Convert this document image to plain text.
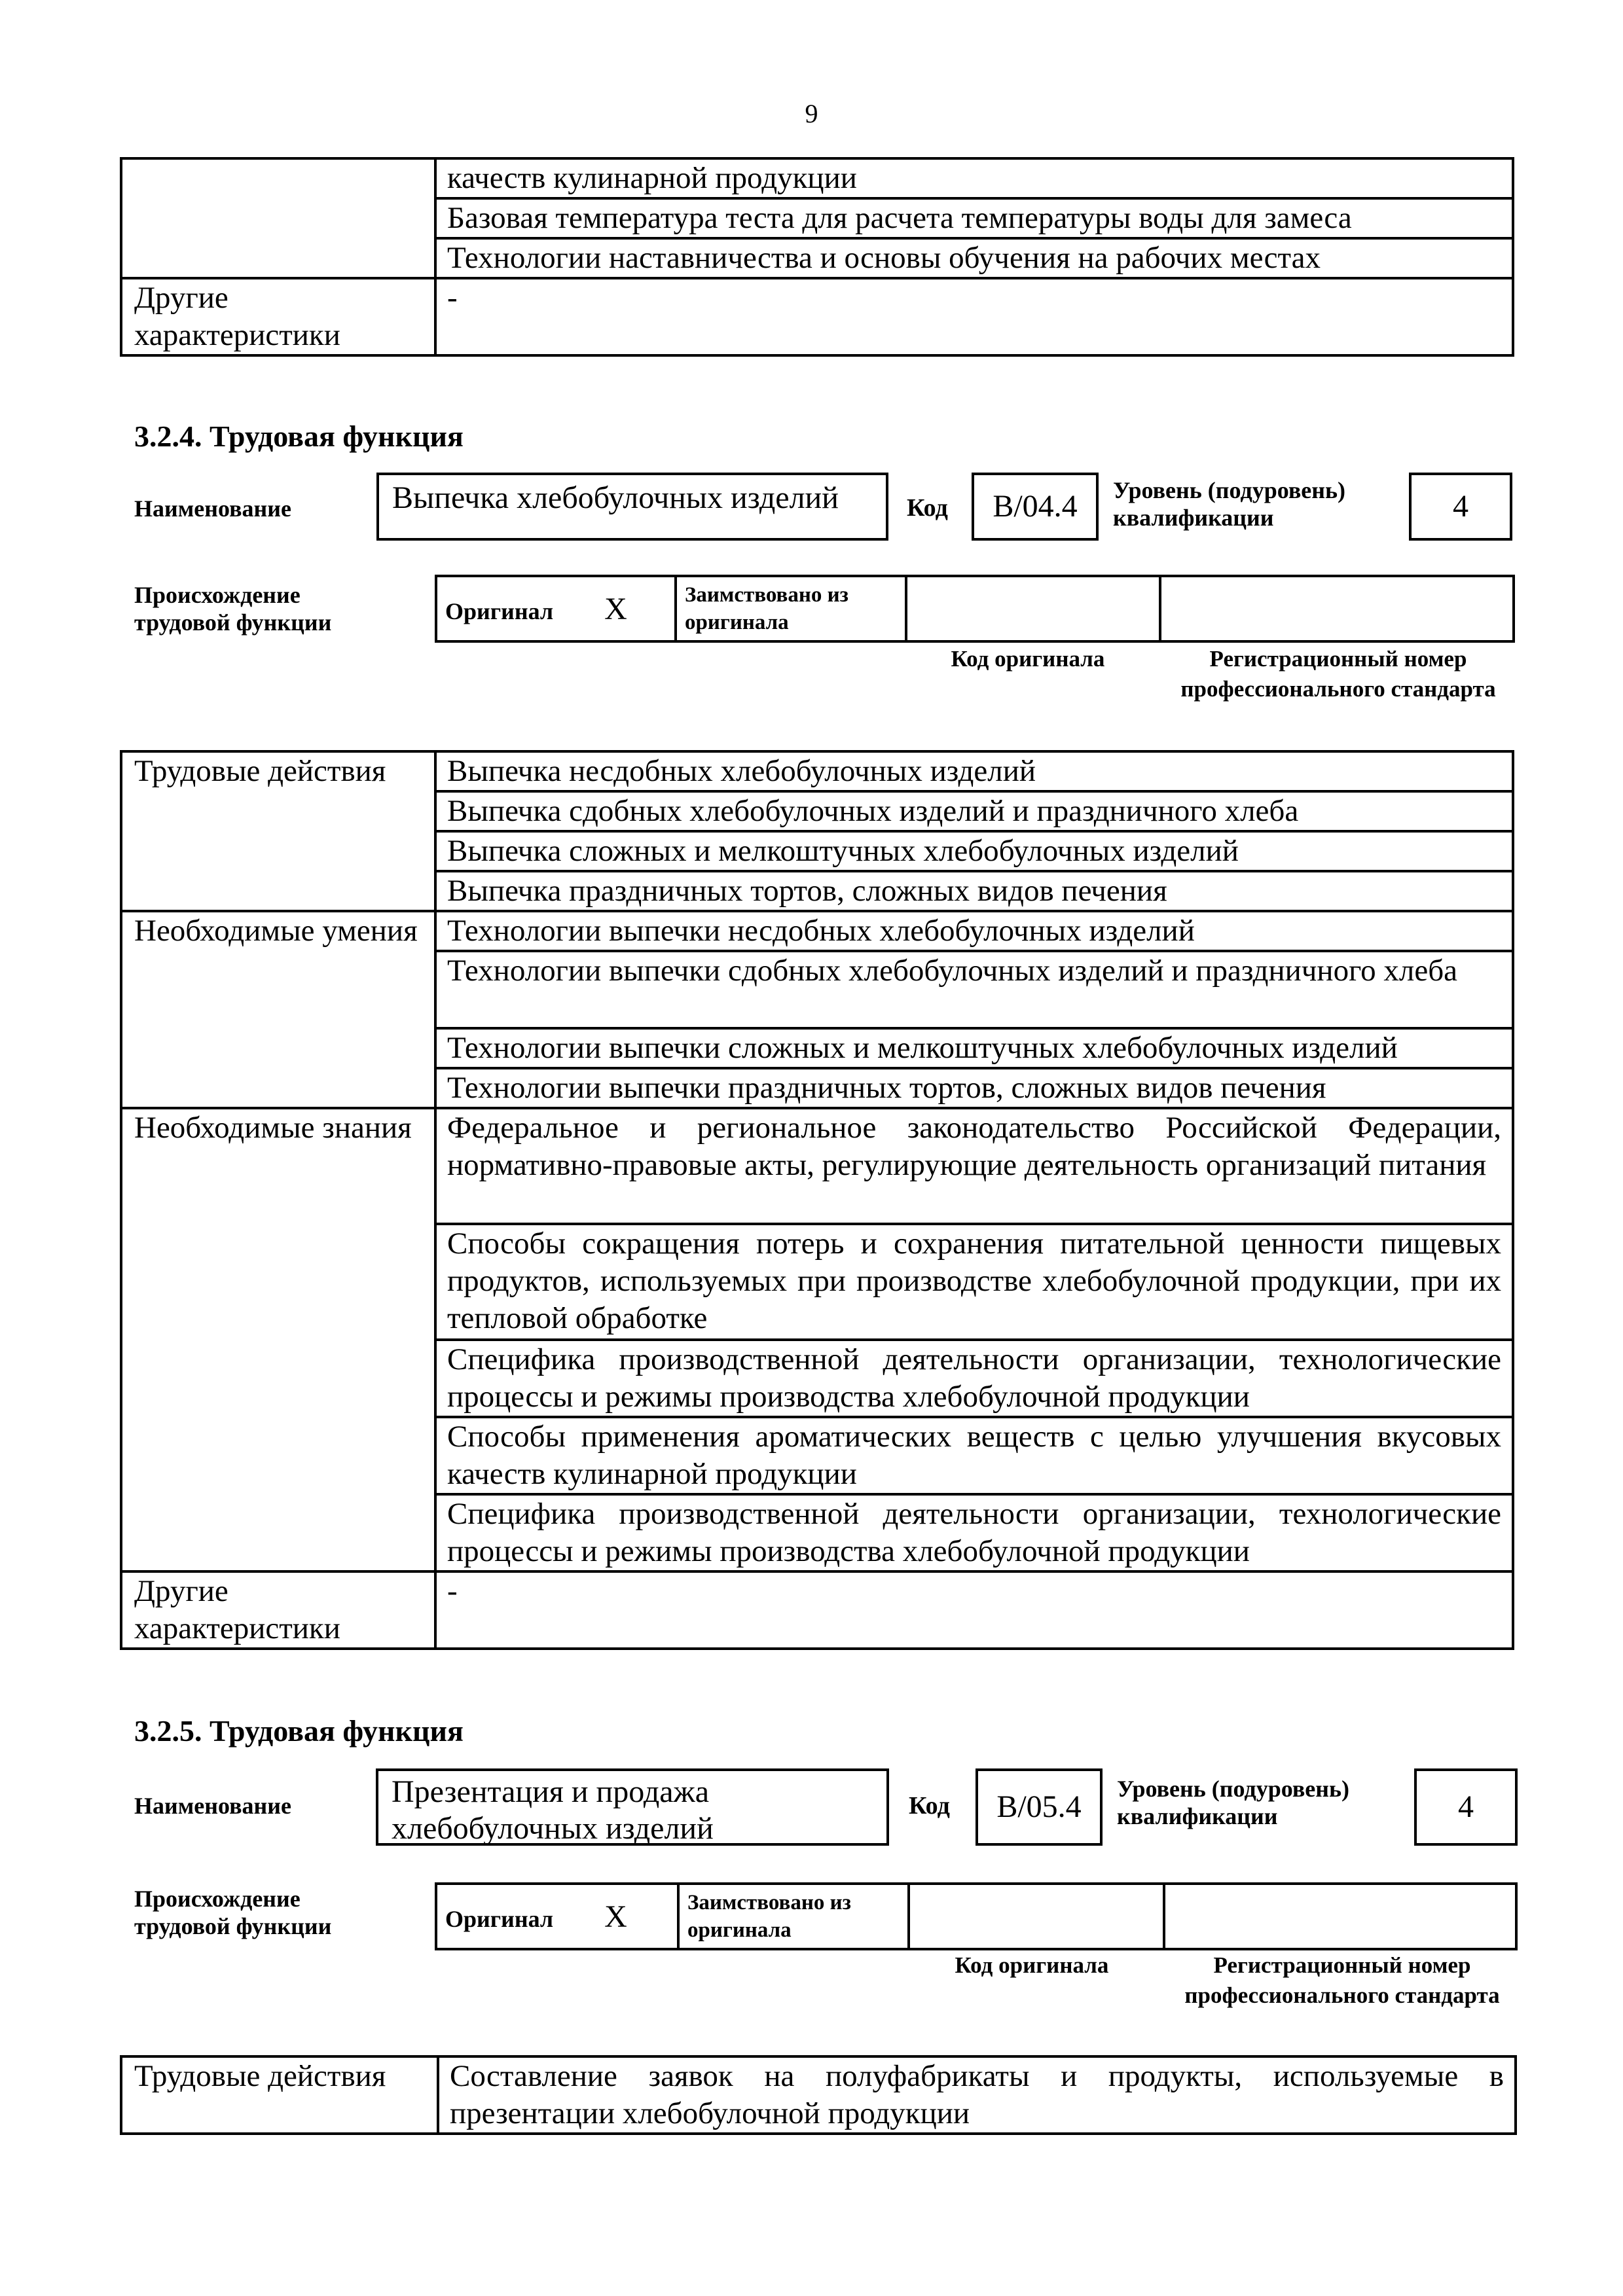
9
	качеств кулинарной продукции
	Базовая температура теста для расчета температуры воды для замеса
	Технологии наставничества и основы обучения на рабочих местах
Другие характеристики	-
3.2.4. Трудовая функция
Наименование	Выпечка хлебобулочных изделий	Код B/04.4 Уровень (подуровень) квалификации	4
Происхождение трудовой функции	Оригинал X	Заимствовано из оригинала		
Код оригинала	Регистрационный номер профессионального стандарта
Трудовые действия	Выпечка несдобных хлебобулочных изделий
	Выпечка сдобных хлебобулочных изделий и праздничного хлеба
	Выпечка сложных и мелкоштучных хлебобулочных изделий
	Выпечка праздничных тортов, сложных видов печения
Необходимые умения	Технологии выпечки несдобных хлебобулочных изделий
	Технологии выпечки сдобных хлебобулочных изделий и праздничного хлеба
	Технологии выпечки сложных и мелкоштучных хлебобулочных изделий
	Технологии выпечки праздничных тортов, сложных видов печения
Необходимые знания	Федеральное и региональное законодательство Российской Федерации, нормативно-правовые акты, регулирующие деятельность организаций питания
	Способы сокращения потерь и сохранения питательной ценности пищевых продуктов, используемых при производстве хлебобулочной продукции, при их тепловой обработке
	Специфика производственной деятельности организации, технологические процессы и режимы производства хлебобулочной продукции
	Способы применения ароматических веществ с целью улучшения вкусовых качеств кулинарной продукции
	Специфика производственной деятельности организации, технологические процессы и режимы производства хлебобулочной продукции
Другие характеристики	-
3.2.5. Трудовая функция
Наименование	Презентация и продажа хлебобулочных изделий
Код B/05.4
Уровень (подуровень) квалификации	4
Происхождение трудовой функции	Оригинал X	Заимствовано из оригинала		
Код оригинала	Регистрационный номер профессионального стандарта
Трудовые действия	Составление заявок на полуфабрикаты и продукты, используемые в презентации хлебобулочной продукции
